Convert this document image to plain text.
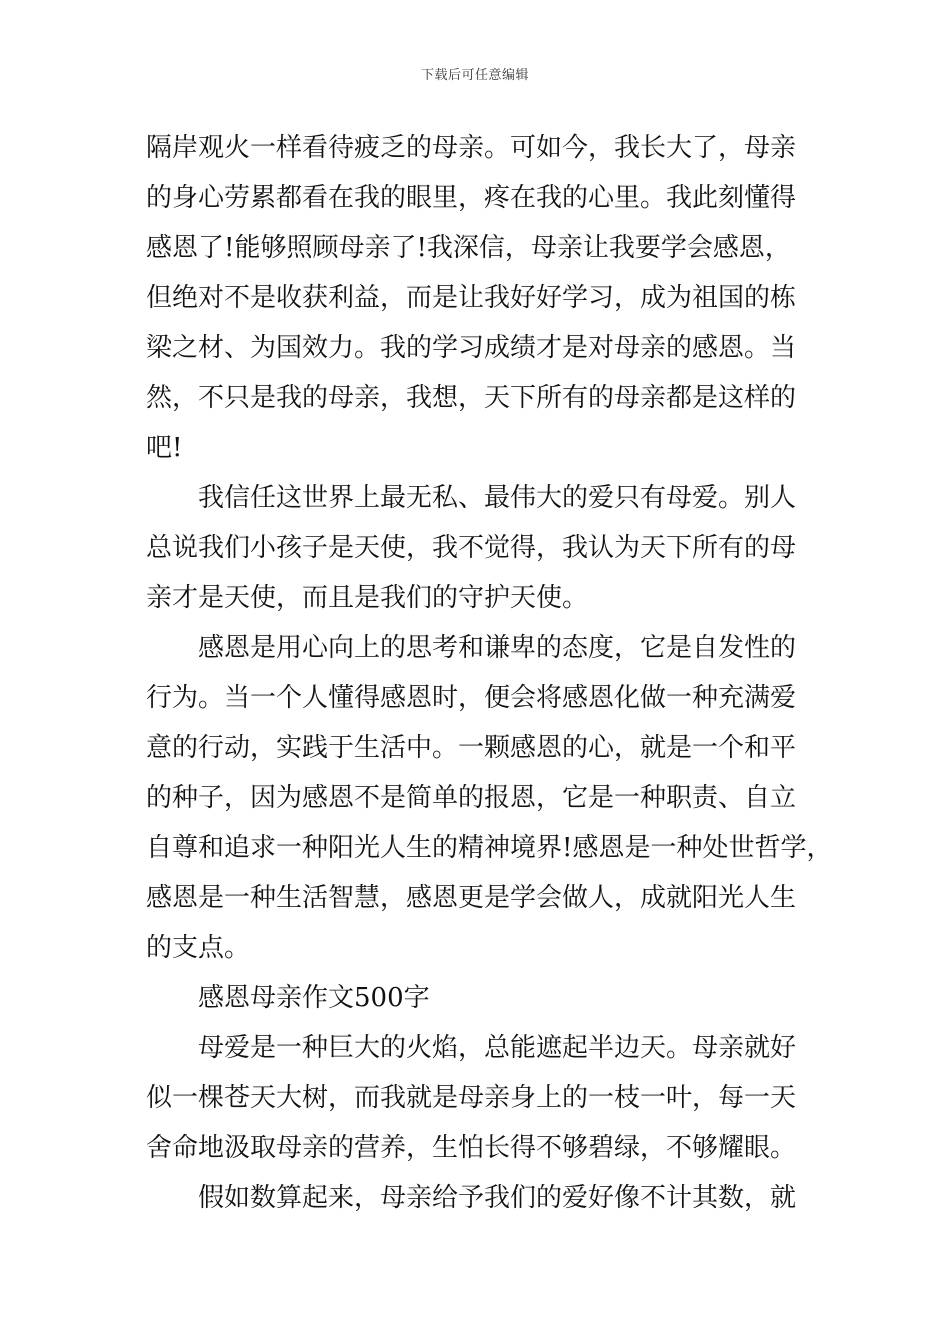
下载后可任意编辑
隔岸观火一样看待疲乏的母亲。可如今，我长大了，母亲
的身心劳累都看在我的眼里，疼在我的心里。我此刻懂得
感恩了!能够照顾母亲了!我深信，母亲让我要学会感恩，
但绝对不是收获利益，而是让我好好学习，成为祖国的栋
梁之材、为国效力。我的学习成绩才是对母亲的感恩。当
然，不只是我的母亲，我想，天下所有的母亲都是这样的
吧!
我信任这世界上最无私、最伟大的爱只有母爱。别人
总说我们小孩子是天使，我不觉得，我认为天下所有的母
亲才是天使，而且是我们的守护天使。
感恩是用心向上的思考和谦卑的态度，它是自发性的
行为。当一个人懂得感恩时，便会将感恩化做一种充满爱
意的行动，实践于生活中。一颗感恩的心，就是一个和平
的种子，因为感恩不是简单的报恩，它是一种职责、自立
自尊和追求一种阳光人生的精神境界!感恩是一种处世哲学，
感恩是一种生活智慧，感恩更是学会做人，成就阳光人生
的支点。
感恩母亲作文500字
母爱是一种巨大的火焰，总能遮起半边天。母亲就好
似一棵苍天大树，而我就是母亲身上的一枝一叶，每一天
舍命地汲取母亲的营养，生怕长得不够碧绿，不够耀眼。
假如数算起来，母亲给予我们的爱好像不计其数，就
